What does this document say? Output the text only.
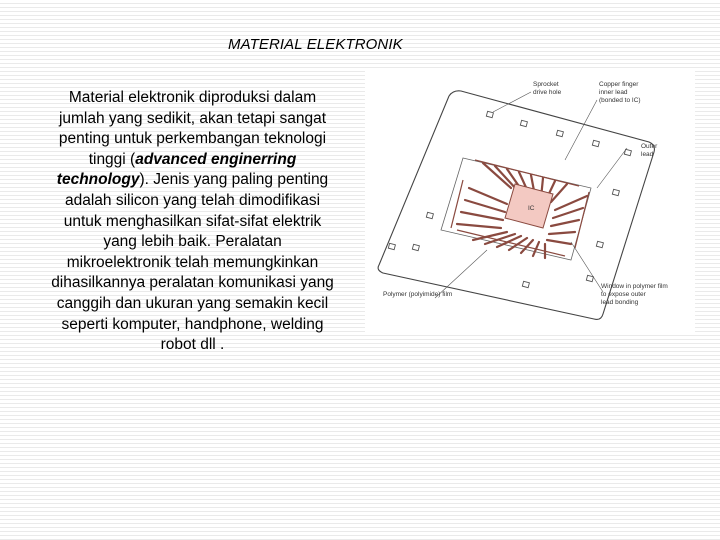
MATERIAL ELEKTRONIK
Material elektronik diproduksi dalam jumlah yang sedikit, akan tetapi sangat penting untuk perkembangan teknologi tinggi (advanced enginerring technology). Jenis yang paling penting adalah silicon yang telah dimodifikasi untuk menghasilkan sifat-sifat elektrik yang lebih baik. Peralatan mikroelektronik telah memungkinkan dihasilkannya peralatan komunikasi yang canggih dan ukuran yang semakin kecil seperti komputer, handphone, welding robot dll .
IC
Sprocket
drive hole
Copper finger
inner lead
(bonded to IC)
Outer
lead
Polymer (polyimide) film
Window in polymer film
to expose outer
lead bonding
